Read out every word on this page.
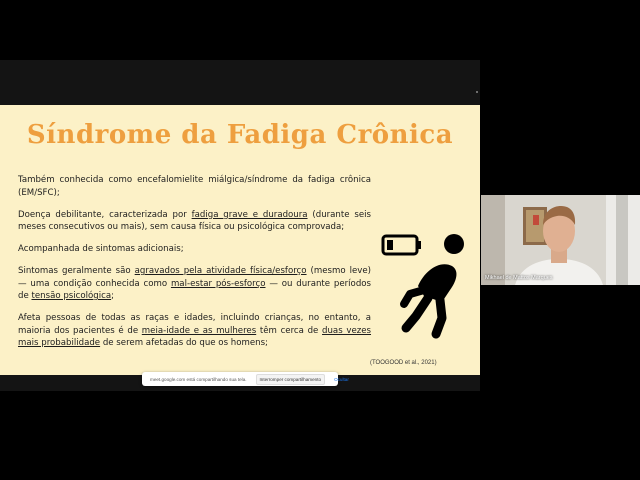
Síndrome da Fadiga Crônica

Também conhecida como encefalomielite miálgica/síndrome da fadiga crônica (EM/SFC);

Doença debilitante, caracterizada por fadiga grave e duradoura (durante seis meses consecutivos ou mais), sem causa física ou psicológica comprovada;

Acompanhada de sintomas adicionais;

Sintomas geralmente são agravados pela atividade física/esforço (mesmo leve) — uma condição conhecida como mal-estar pós-esforço — ou durante períodos de tensão psicológica;

Afeta pessoas de todas as raças e idades, incluindo crianças, no entanto, a maioria dos pacientes é de meia-idade e as mulheres têm cerca de duas vezes mais probabilidade de serem afetadas do que os homens;

(TOOGOOD et al., 2021)
meet.google.com está compartilhando sua tela.	Interromper compartilhamento	Ocultar
Mikhael de Mattos Marques
